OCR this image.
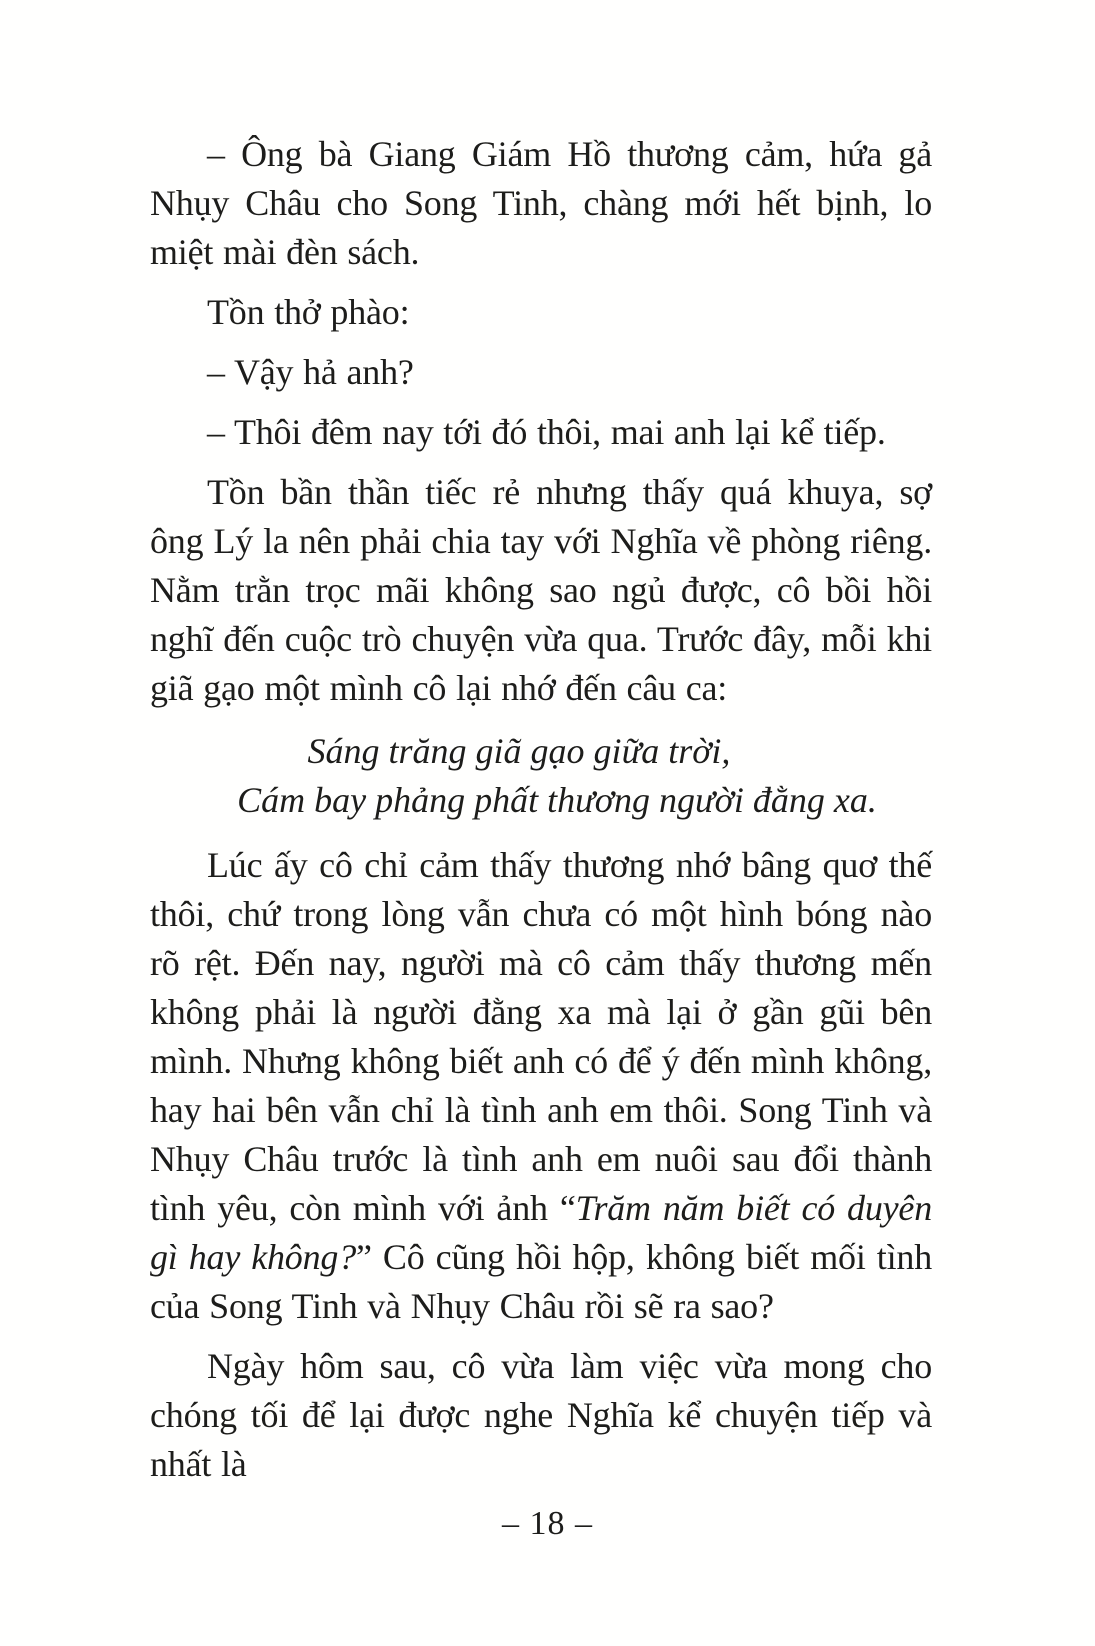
– Ông bà Giang Giám Hồ thương cảm, hứa gả Nhụy Châu cho Song Tinh, chàng mới hết bịnh, lo miệt mài đèn sách.

Tồn thở phào:

– Vậy hả anh?

– Thôi đêm nay tới đó thôi, mai anh lại kể tiếp.

Tồn bần thần tiếc rẻ nhưng thấy quá khuya, sợ ông Lý la nên phải chia tay với Nghĩa về phòng riêng. Nằm trằn trọc mãi không sao ngủ được, cô bồi hồi nghĩ đến cuộc trò chuyện vừa qua. Trước đây, mỗi khi giã gạo một mình cô lại nhớ đến câu ca:

Sáng trăng giã gạo giữa trời,
Cám bay phảng phất thương người đằng xa.

Lúc ấy cô chỉ cảm thấy thương nhớ bâng quơ thế thôi, chứ trong lòng vẫn chưa có một hình bóng nào rõ rệt. Đến nay, người mà cô cảm thấy thương mến không phải là người đằng xa mà lại ở gần gũi bên mình. Nhưng không biết anh có để ý đến mình không, hay hai bên vẫn chỉ là tình anh em thôi. Song Tinh và Nhụy Châu trước là tình anh em nuôi sau đổi thành tình yêu, còn mình với ảnh “Trăm năm biết có duyên gì hay không?” Cô cũng hồi hộp, không biết mối tình của Song Tinh và Nhụy Châu rồi sẽ ra sao?

Ngày hôm sau, cô vừa làm việc vừa mong cho chóng tối để lại được nghe Nghĩa kể chuyện tiếp và nhất là

– 18 –
